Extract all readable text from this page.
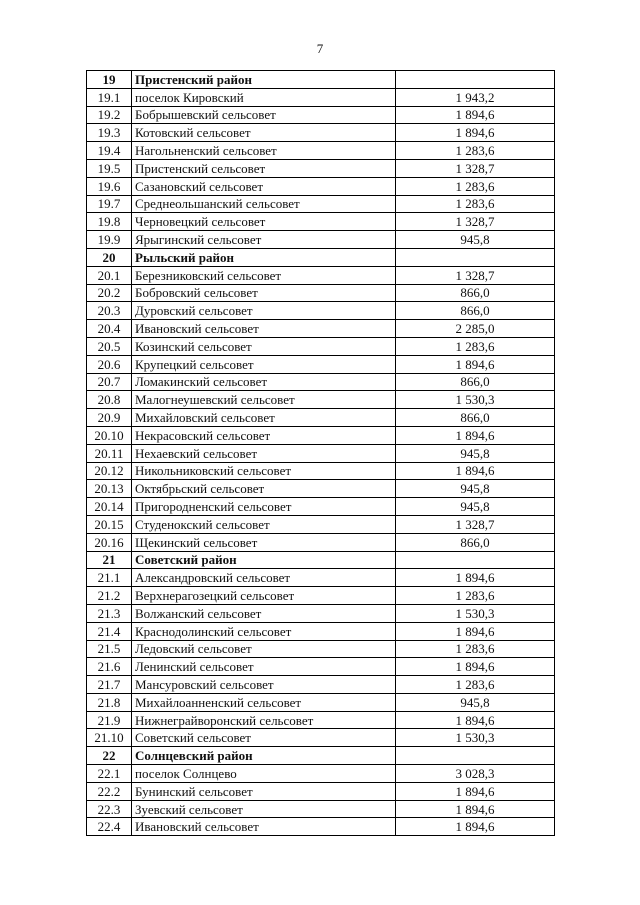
7
19	Пристенский район	
19.1	поселок Кировский	1 943,2
19.2	Бобрышевский сельсовет	1 894,6
19.3	Котовский сельсовет	1 894,6
19.4	Нагольненский сельсовет	1 283,6
19.5	Пристенский сельсовет	1 328,7
19.6	Сазановский сельсовет	1 283,6
19.7	Среднеольшанский сельсовет	1 283,6
19.8	Черновецкий сельсовет	1 328,7
19.9	Ярыгинский сельсовет	945,8
20	Рыльский район	
20.1	Березниковский сельсовет	1 328,7
20.2	Бобровский сельсовет	866,0
20.3	Дуровский сельсовет	866,0
20.4	Ивановский сельсовет	2 285,0
20.5	Козинский сельсовет	1 283,6
20.6	Крупецкий сельсовет	1 894,6
20.7	Ломакинский сельсовет	866,0
20.8	Малогнеушевский сельсовет	1 530,3
20.9	Михайловский сельсовет	866,0
20.10	Некрасовский сельсовет	1 894,6
20.11	Нехаевский сельсовет	945,8
20.12	Никольниковский сельсовет	1 894,6
20.13	Октябрьский сельсовет	945,8
20.14	Пригородненский сельсовет	945,8
20.15	Студенокский сельсовет	1 328,7
20.16	Щекинский сельсовет	866,0
21	Советский район	
21.1	Александровский сельсовет	1 894,6
21.2	Верхнерагозецкий сельсовет	1 283,6
21.3	Волжанский сельсовет	1 530,3
21.4	Краснодолинский сельсовет	1 894,6
21.5	Ледовский сельсовет	1 283,6
21.6	Ленинский сельсовет	1 894,6
21.7	Мансуровский сельсовет	1 283,6
21.8	Михайлоанненский сельсовет	945,8
21.9	Нижнеграйворонский сельсовет	1 894,6
21.10	Советский сельсовет	1 530,3
22	Солнцевский район	
22.1	поселок Солнцево	3 028,3
22.2	Бунинский сельсовет	1 894,6
22.3	Зуевский сельсовет	1 894,6
22.4	Ивановский сельсовет	1 894,6
